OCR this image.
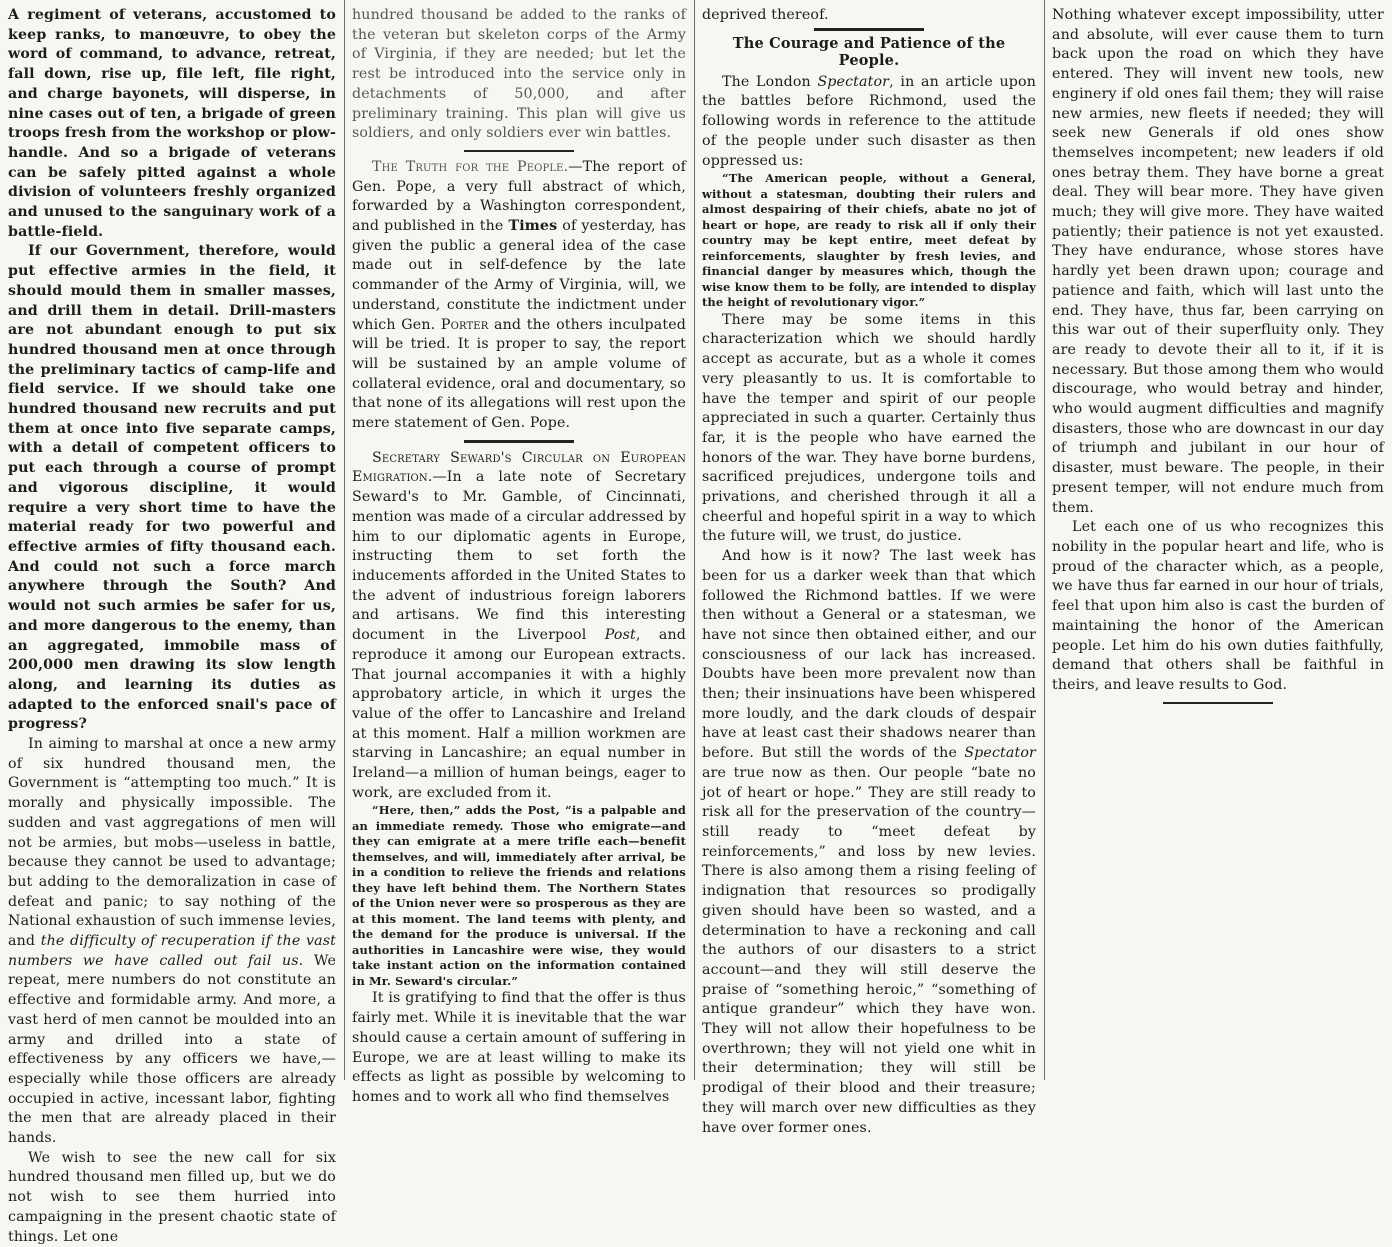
A regiment of veterans, accustomed to keep ranks, to manœuvre, to obey the word of command, to advance, retreat, fall down, rise up, file left, file right, and charge bayonets, will disperse, in nine cases out of ten, a brigade of green troops fresh from the workshop or plow-handle. And so a brigade of veterans can be safely pitted against a whole division of volunteers freshly organized and unused to the sanguinary work of a battle-field.

If our Government, therefore, would put effective armies in the field, it should mould them in smaller masses, and drill them in detail. Drill-masters are not abundant enough to put six hundred thousand men at once through the preliminary tactics of camp-life and field service. If we should take one hundred thousand new recruits and put them at once into five separate camps, with a detail of competent officers to put each through a course of prompt and vigorous discipline, it would require a very short time to have the material ready for two powerful and effective armies of fifty thousand each. And could not such a force march anywhere through the South? And would not such armies be safer for us, and more dangerous to the enemy, than an aggregated, immobile mass of 200,000 men drawing its slow length along, and learning its duties as adapted to the enforced snail's pace of progress?

In aiming to marshal at once a new army of six hundred thousand men, the Government is “attempting too much.” It is morally and physically impossible. The sudden and vast aggregations of men will not be armies, but mobs—useless in battle, because they cannot be used to advantage; but adding to the demoralization in case of defeat and panic; to say nothing of the National exhaustion of such immense levies, and the difficulty of recuperation if the vast numbers we have called out fail us. We repeat, mere numbers do not constitute an effective and formidable army. And more, a vast herd of men cannot be moulded into an army and drilled into a state of effectiveness by any officers we have,—especially while those officers are already occupied in active, incessant labor, fighting the men that are already placed in their hands.

We wish to see the new call for six hundred thousand men filled up, but we do not wish to see them hurried into campaigning in the present chaotic state of things. Let one

hundred thousand be added to the ranks of the veteran but skeleton corps of the Army of Virginia, if they are needed; but let the rest be introduced into the service only in detachments of 50,000, and after preliminary training. This plan will give us soldiers, and only soldiers ever win battles.

The Truth for the People.—The report of Gen. Pope, a very full abstract of which, forwarded by a Washington correspondent, and published in the Times of yesterday, has given the public a general idea of the case made out in self-defence by the late commander of the Army of Virginia, will, we understand, constitute the indictment under which Gen. Porter and the others inculpated will be tried. It is proper to say, the report will be sustained by an ample volume of collateral evidence, oral and documentary, so that none of its allegations will rest upon the mere statement of Gen. Pope.

Secretary Seward's Circular on European Emigration.—In a late note of Secretary Seward's to Mr. Gamble, of Cincinnati, mention was made of a circular addressed by him to our diplomatic agents in Europe, instructing them to set forth the inducements afforded in the United States to the advent of industrious foreign laborers and artisans. We find this interesting document in the Liverpool Post, and reproduce it among our European extracts. That journal accompanies it with a highly approbatory article, in which it urges the value of the offer to Lancashire and Ireland at this moment. Half a million workmen are starving in Lancashire; an equal number in Ireland—a million of human beings, eager to work, are excluded from it.

“Here, then,” adds the Post, “is a palpable and an immediate remedy. Those who emigrate—and they can emigrate at a mere trifle each—benefit themselves, and will, immediately after arrival, be in a condition to relieve the friends and relations they have left behind them. The Northern States of the Union never were so prosperous as they are at this moment. The land teems with plenty, and the demand for the produce is universal. If the authorities in Lancashire were wise, they would take instant action on the information contained in Mr. Seward's circular.”

It is gratifying to find that the offer is thus fairly met. While it is inevitable that the war should cause a certain amount of suffering in Europe, we are at least willing to make its effects as light as possible by welcoming to homes and to work all who find themselves

deprived thereof.

The Courage and Patience of the People.

The London Spectator, in an article upon the battles before Richmond, used the following words in reference to the attitude of the people under such disaster as then oppressed us:

“The American people, without a General, without a statesman, doubting their rulers and almost despairing of their chiefs, abate no jot of heart or hope, are ready to risk all if only their country may be kept entire, meet defeat by reinforcements, slaughter by fresh levies, and financial danger by measures which, though the wise know them to be folly, are intended to display the height of revolutionary vigor.”

There may be some items in this characterization which we should hardly accept as accurate, but as a whole it comes very pleasantly to us. It is comfortable to have the temper and spirit of our people appreciated in such a quarter. Certainly thus far, it is the people who have earned the honors of the war. They have borne burdens, sacrificed prejudices, undergone toils and privations, and cherished through it all a cheerful and hopeful spirit in a way to which the future will, we trust, do justice.

And how is it now? The last week has been for us a darker week than that which followed the Richmond battles. If we were then without a General or a statesman, we have not since then obtained either, and our consciousness of our lack has increased. Doubts have been more prevalent now than then; their insinuations have been whispered more loudly, and the dark clouds of despair have at least cast their shadows nearer than before. But still the words of the Spectator are true now as then. Our people “bate no jot of heart or hope.” They are still ready to risk all for the preservation of the country—still ready to “meet defeat by reinforcements,” and loss by new levies. There is also among them a rising feeling of indignation that resources so prodigally given should have been so wasted, and a determination to have a reckoning and call the authors of our disasters to a strict account—and they will still deserve the praise of “something heroic,” “something of antique grandeur” which they have won. They will not allow their hopefulness to be overthrown; they will not yield one whit in their determination; they will still be prodigal of their blood and their treasure; they will march over new difficulties as they have over former ones.

Nothing whatever except impossibility, utter and absolute, will ever cause them to turn back upon the road on which they have entered. They will invent new tools, new enginery if old ones fail them; they will raise new armies, new fleets if needed; they will seek new Generals if old ones show themselves incompetent; new leaders if old ones betray them. They have borne a great deal. They will bear more. They have given much; they will give more. They have waited patiently; their patience is not yet exausted. They have endurance, whose stores have hardly yet been drawn upon; courage and patience and faith, which will last unto the end. They have, thus far, been carrying on this war out of their superfluity only. They are ready to devote their all to it, if it is necessary. But those among them who would discourage, who would betray and hinder, who would augment difficulties and magnify disasters, those who are downcast in our day of triumph and jubilant in our hour of disaster, must beware. The people, in their present temper, will not endure much from them.

Let each one of us who recognizes this nobility in the popular heart and life, who is proud of the character which, as a people, we have thus far earned in our hour of trials, feel that upon him also is cast the burden of maintaining the honor of the American people. Let him do his own duties faithfully, demand that others shall be faithful in theirs, and leave results to God.
